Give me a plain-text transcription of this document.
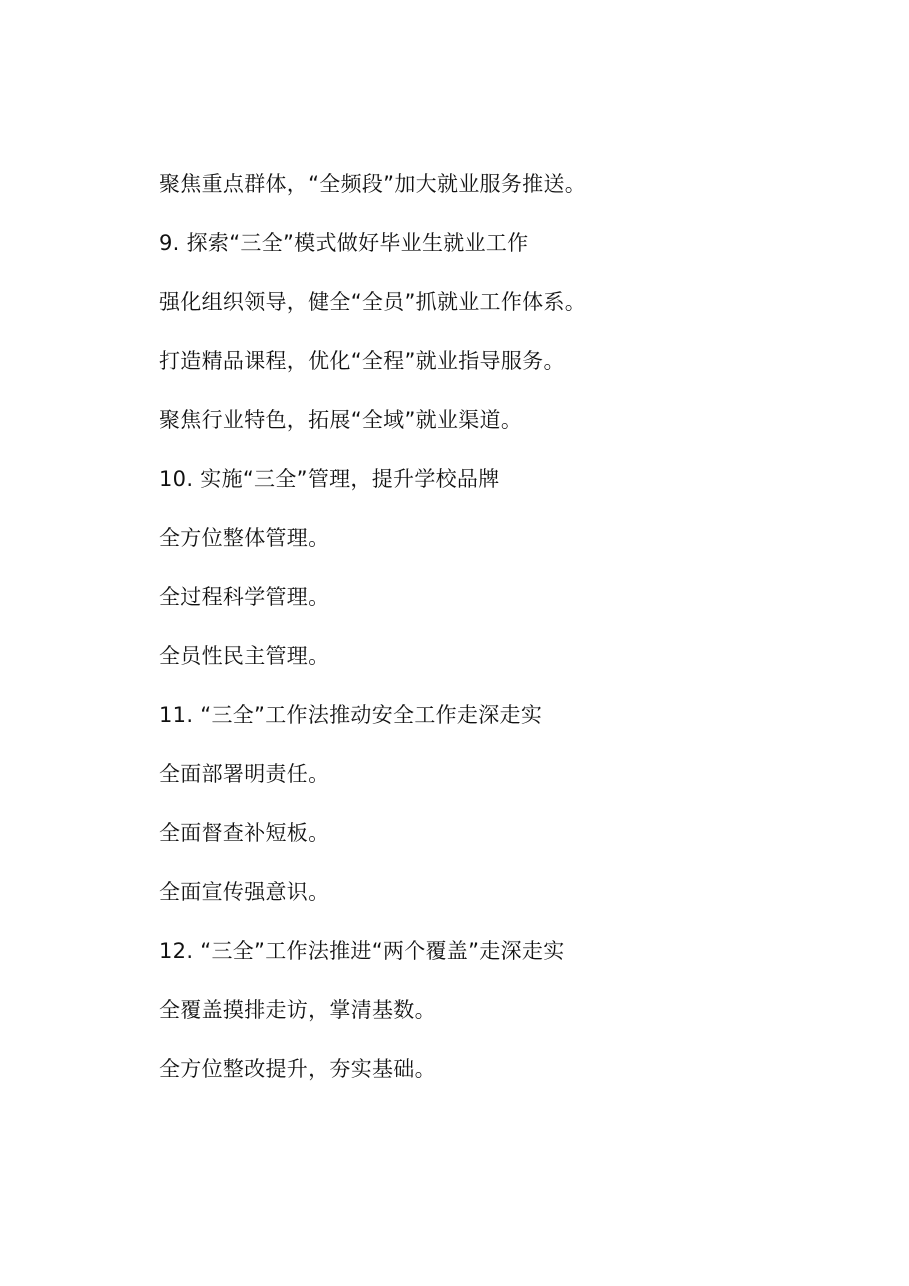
聚焦重点群体，“全频段”加大就业服务推送。
9. 探索“三全”模式做好毕业生就业工作
强化组织领导，健全“全员”抓就业工作体系。
打造精品课程，优化“全程”就业指导服务。
聚焦行业特色，拓展“全域”就业渠道。
10. 实施“三全”管理，提升学校品牌
全方位整体管理。
全过程科学管理。
全员性民主管理。
11. “三全”工作法推动安全工作走深走实
全面部署明责任。
全面督查补短板。
全面宣传强意识。
12. “三全”工作法推进“两个覆盖”走深走实
全覆盖摸排走访，掌清基数。
全方位整改提升，夯实基础。
